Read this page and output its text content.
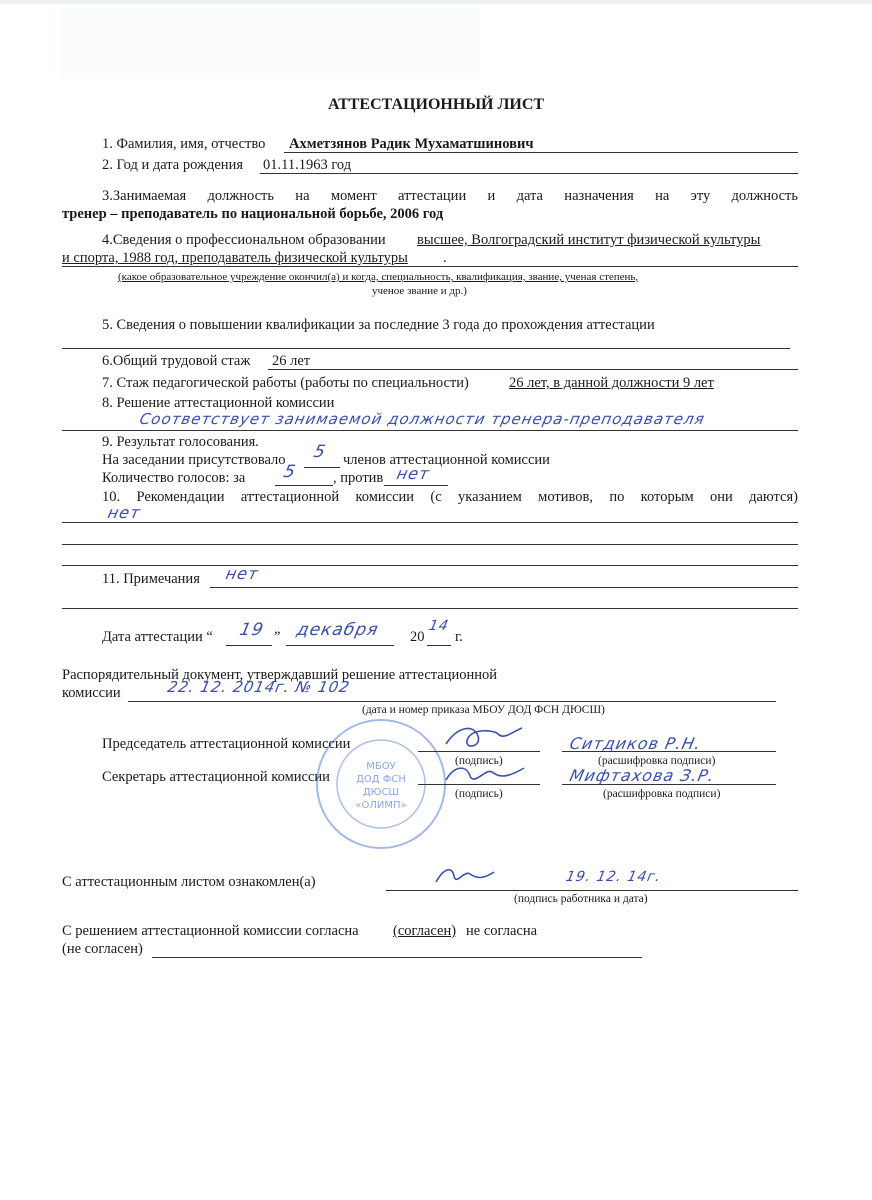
АТТЕСТАЦИОННЫЙ ЛИСТ
1. Фамилия, имя, отчество Ахметзянов Радик Мухаматшинович
2. Год и дата рождения 01.11.1963 год
3.Занимаемая должность на момент аттестации и дата назначения на эту должность
тренер – преподаватель по национальной борьбе, 2006 год
4.Сведения о профессиональном образовании высшее, Волгоградский институт физической культуры
и спорта, 1988 год, преподаватель физической культуры .
(какое образовательное учреждение окончил(а) и когда, специальность, квалификация, звание, ученая степень,
ученое звание и др.)
5. Сведения о повышении квалификации за последние 3 года до прохождения аттестации
6.Общий трудовой стаж 26 лет
7. Стаж педагогической работы (работы по специальности)	26 лет, в данной должности 9 лет
8. Решение аттестационной комиссии
Соответствует занимаемой должности тренера-преподавателя
9. Результат голосования.
На заседании присутствовало 5 членов аттестационной комиссии
Количество голосов: за 5 , против нет
10. Рекомендации аттестационной комиссии (с указанием мотивов, по которым они даются)
нет
11. Примечания нет
Дата аттестации “ 19 ” декабря 20
14
г.
Распорядительный документ, утверждавший решение аттестационной
комиссии	22. 12. 2014г. № 102
(дата и номер приказа МБОУ ДОД ФСН ДЮСШ)
МБОУ
ДОД ФСН
ДЮСШ
«ОЛИМП»
Председатель аттестационной комиссии	Ситдиков Р.Н.
(подпись)	(расшифровка подписи)
Секретарь аттестационной комиссии	Мифтахова З.Р.
(подпись)	(расшифровка подписи)
С аттестационным листом ознакомлен(а)	19. 12. 14г.
(подпись работника и дата)
С решением аттестационной комиссии согласна (согласен) не согласна
(не согласен)
